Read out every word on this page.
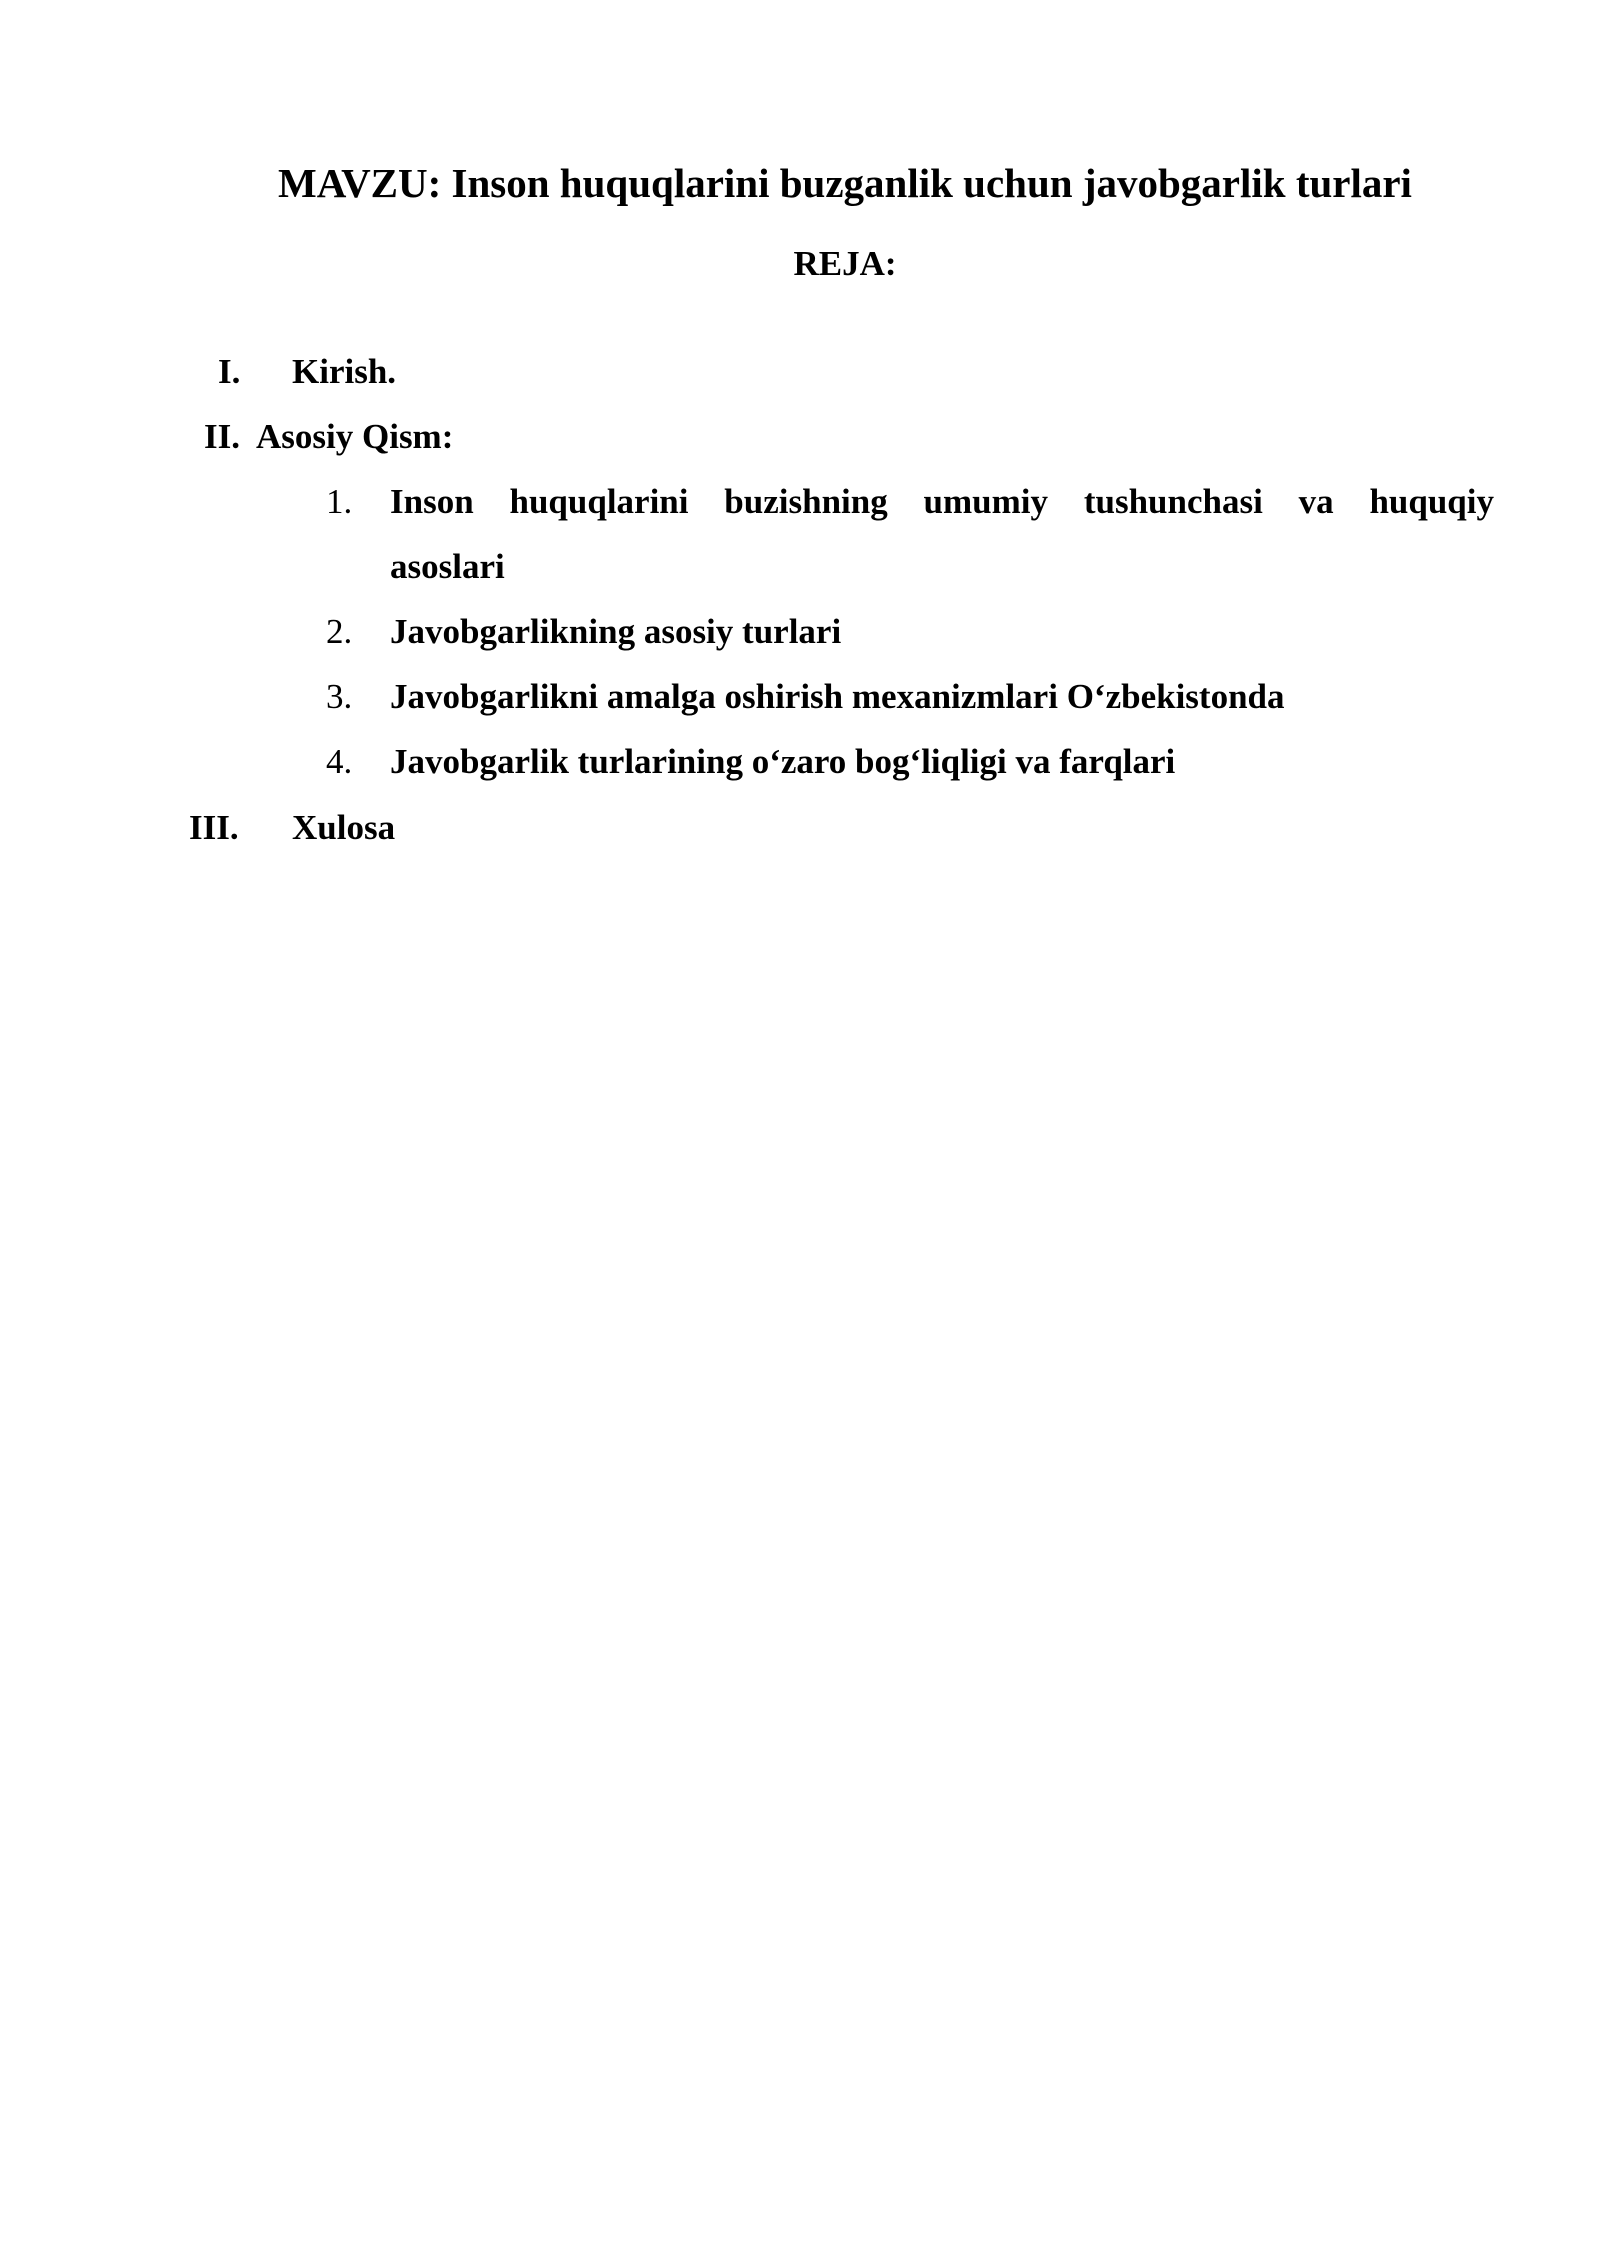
MAVZU: Inson huquqlarini buzganlik uchun javobgarlik turlari
REJA:
I. Kirish.
II. Asosiy Qism:
1. Inson huquqlarini buzishning umumiy tushunchasi va huquqiy
asoslari
2. Javobgarlikning asosiy turlari
3. Javobgarlikni amalga oshirish mexanizmlari O‘zbekistonda
4. Javobgarlik turlarining o‘zaro bog‘liqligi va farqlari
III. Xulosa
